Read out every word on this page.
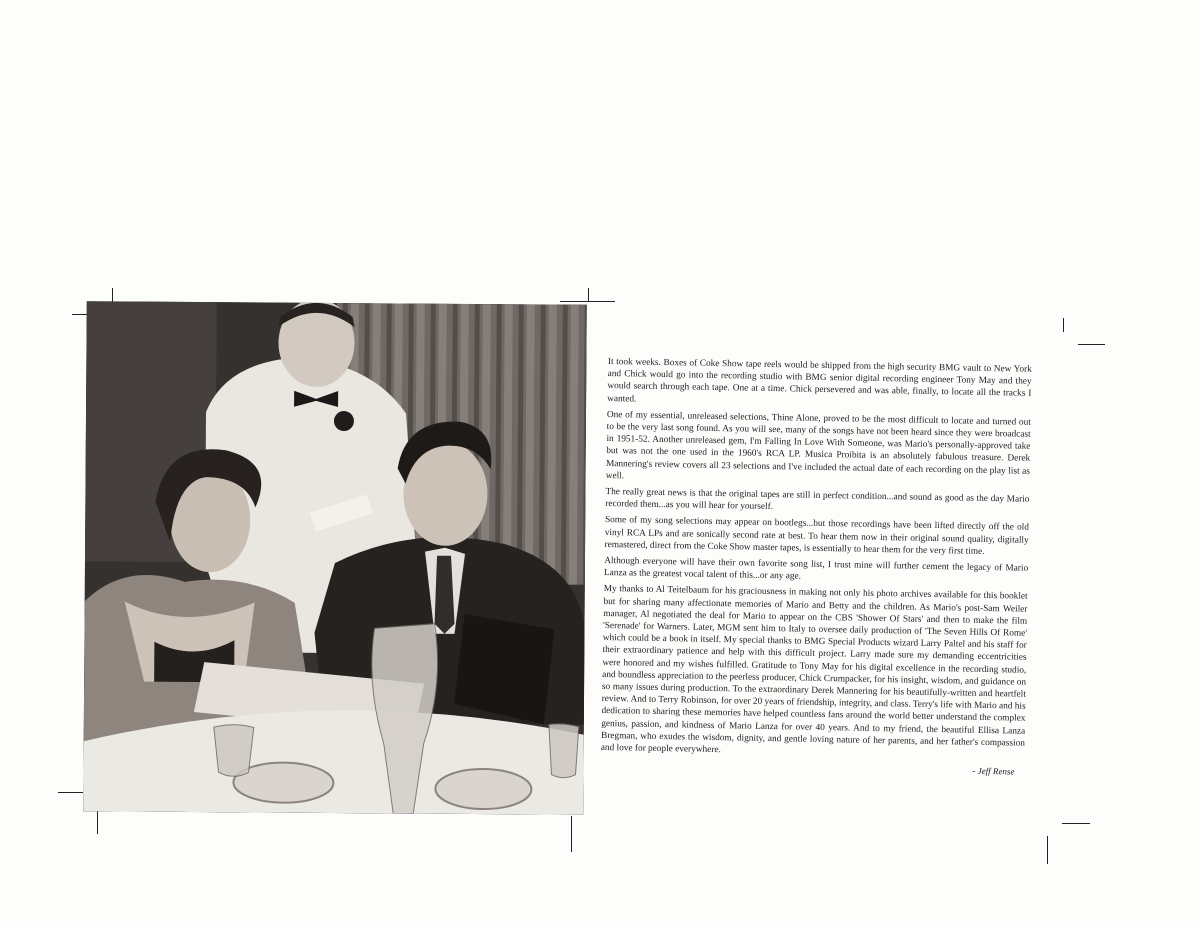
It took weeks. Boxes of Coke Show tape reels would be shipped from the high security BMG vault to New York and Chick would go into the recording studio with BMG senior digital recording engineer Tony May and they would search through each tape. One at a time. Chick persevered and was able, finally, to locate all the tracks I wanted.

One of my essential, unreleased selections, Thine Alone, proved to be the most difficult to locate and turned out to be the very last song found. As you will see, many of the songs have not been heard since they were broadcast in 1951-52. Another unreleased gem, I'm Falling In Love With Someone, was Mario's personally-approved take but was not the one used in the 1960's RCA LP. Musica Proibita is an absolutely fabulous treasure. Derek Mannering's review covers all 23 selections and I've included the actual date of each recording on the play list as well.

The really great news is that the original tapes are still in perfect condition...and sound as good as the day Mario recorded them...as you will hear for yourself.

Some of my song selections may appear on bootlegs...but those recordings have been lifted directly off the old vinyl RCA LPs and are sonically second rate at best. To hear them now in their original sound quality, digitally remastered, direct from the Coke Show master tapes, is essentially to hear them for the very first time.

Although everyone will have their own favorite song list, I trust mine will further cement the legacy of Mario Lanza as the greatest vocal talent of this...or any age.

My thanks to Al Teitelbaum for his graciousness in making not only his photo archives available for this booklet but for sharing many affectionate memories of Mario and Betty and the children. As Mario's post-Sam Weiler manager, Al negotiated the deal for Mario to appear on the CBS 'Shower Of Stars' and then to make the film 'Serenade' for Warners. Later, MGM sent him to Italy to oversee daily production of 'The Seven Hills Of Rome' which could be a book in itself. My special thanks to BMG Special Products wizard Larry Paltel and his staff for their extraordinary patience and help with this difficult project. Larry made sure my demanding eccentricities were honored and my wishes fulfilled. Gratitude to Tony May for his digital excellence in the recording studio, and boundless appreciation to the peerless producer, Chick Crumpacker, for his insight, wisdom, and guidance on so many issues during production. To the extraordinary Derek Mannering for his beautifully-written and heartfelt review. And to Terry Robinson, for over 20 years of friendship, integrity, and class. Terry's life with Mario and his dedication to sharing these memories have helped countless fans around the world better understand the complex genius, passion, and kindness of Mario Lanza for over 40 years. And to my friend, the beautiful Ellisa Lanza Bregman, who exudes the wisdom, dignity, and gentle loving nature of her parents, and her father's compassion and love for people everywhere.

- Jeff Rense
